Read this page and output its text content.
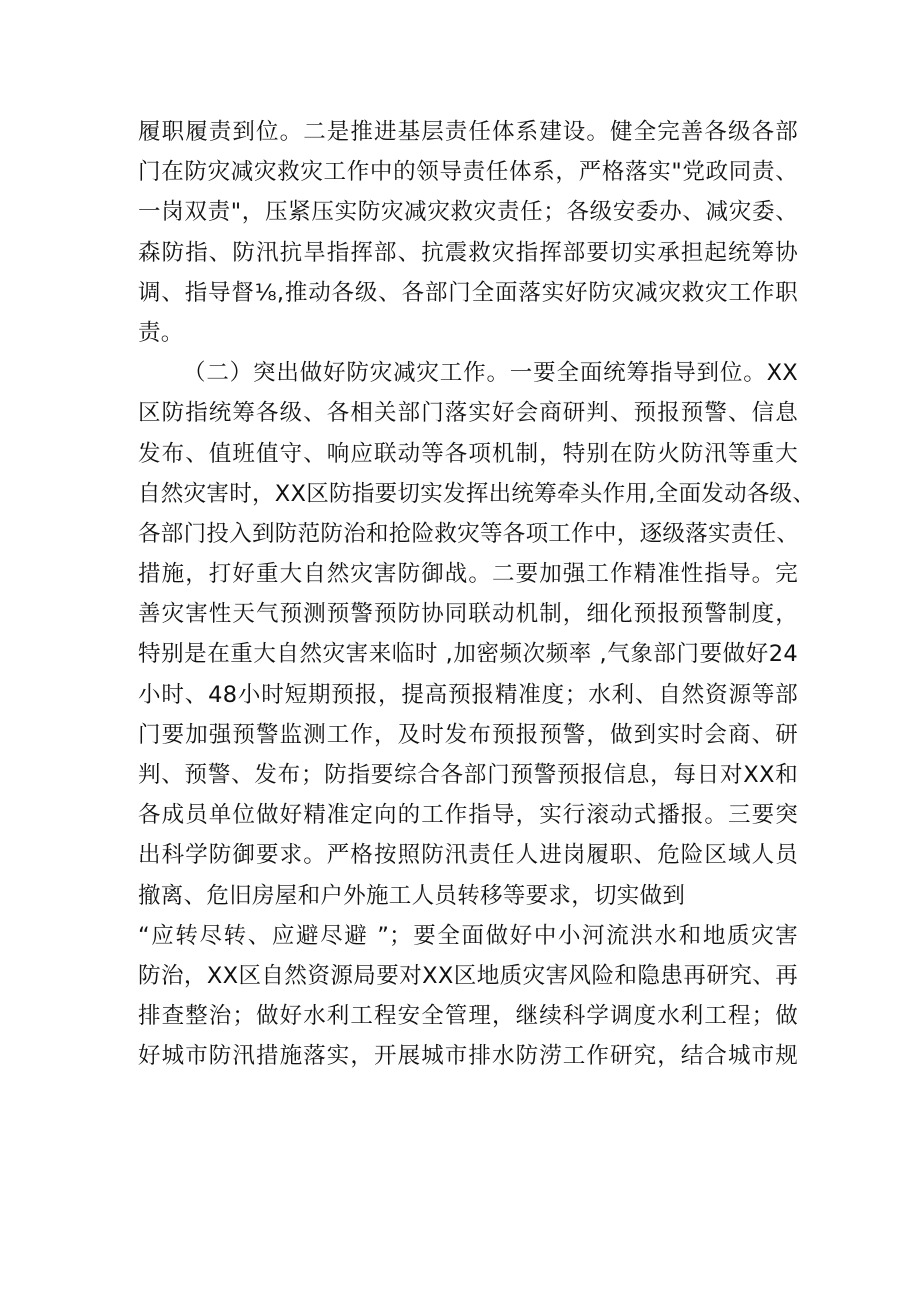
履职履责到位。二是推进基层责任体系建设。健全完善各级各部
门在防灾减灾救灾工作中的领导责任体系，严格落实"党政同责、
一岗双责"，压紧压实防灾减灾救灾责任；各级安委办、减灾委、
森防指、防汛抗旱指挥部、抗震救灾指挥部要切实承担起统筹协
调、指导督⅛,推动各级、各部门全面落实好防灾减灾救灾工作职
责。
（二）突出做好防灾减灾工作。一要全面统筹指导到位。XX
区防指统筹各级、各相关部门落实好会商研判、预报预警、信息
发布、值班值守、响应联动等各项机制，特别在防火防汛等重大
自然灾害时，XX区防指要切实发挥出统筹牵头作用,全面发动各级、
各部门投入到防范防治和抢险救灾等各项工作中，逐级落实责任、
措施，打好重大自然灾害防御战。二要加强工作精准性指导。完
善灾害性天气预测预警预防协同联动机制，细化预报预警制度，
特别是在重大自然灾害来临时 ,加密频次频率 ,气象部门要做好24
小时、48小时短期预报，提高预报精准度；水利、自然资源等部
门要加强预警监测工作，及时发布预报预警，做到实时会商、研
判、预警、发布；防指要综合各部门预警预报信息，每日对XX和
各成员单位做好精准定向的工作指导，实行滚动式播报。三要突
出科学防御要求。严格按照防汛责任人进岗履职、危险区域人员
撤离、危旧房屋和户外施工人员转移等要求，切实做到
“应转尽转、应避尽避 ”；要全面做好中小河流洪水和地质灾害
防治，XX区自然资源局要对XX区地质灾害风险和隐患再研究、再
排查整治；做好水利工程安全管理，继续科学调度水利工程；做
好城市防汛措施落实，开展城市排水防涝工作研究，结合城市规
